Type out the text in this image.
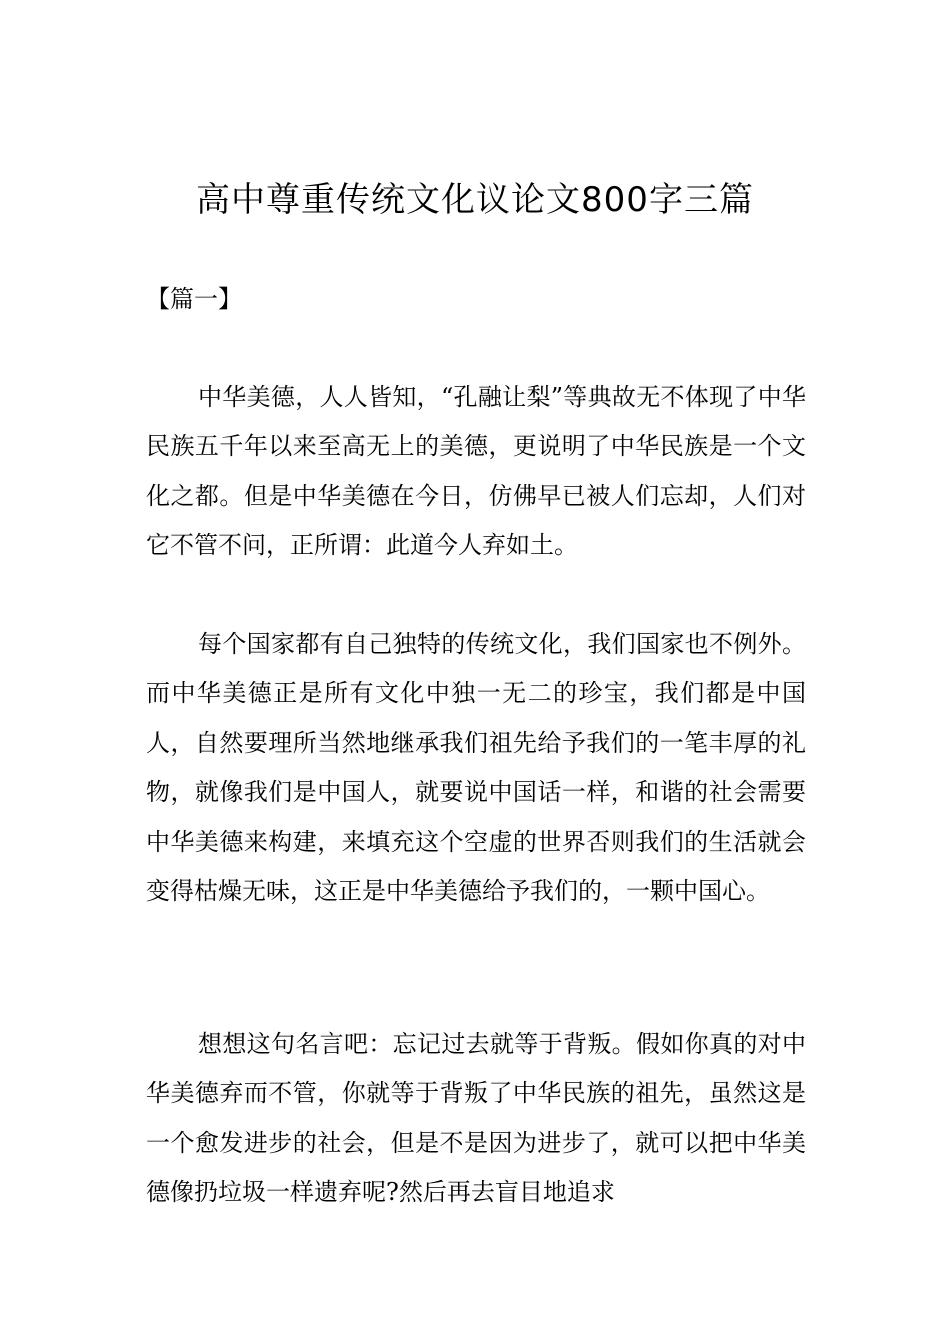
高中尊重传统文化议论文800字三篇
【篇一】

中华美德，人人皆知，“孔融让梨”等典故无不体现了中华民族五千年以来至高无上的美德，更说明了中华民族是一个文化之都。但是中华美德在今日，仿佛早已被人们忘却，人们对它不管不问，正所谓：此道今人弃如土。

每个国家都有自己独特的传统文化，我们国家也不例外。而中华美德正是所有文化中独一无二的珍宝，我们都是中国人，自然要理所当然地继承我们祖先给予我们的一笔丰厚的礼物，就像我们是中国人，就要说中国话一样，和谐的社会需要中华美德来构建，来填充这个空虚的世界否则我们的生活就会变得枯燥无味，这正是中华美德给予我们的，一颗中国心。

想想这句名言吧：忘记过去就等于背叛。假如你真的对中华美德弃而不管，你就等于背叛了中华民族的祖先，虽然这是一个愈发进步的社会，但是不是因为进步了，就可以把中华美德像扔垃圾一样遗弃呢?然后再去盲目地追求
